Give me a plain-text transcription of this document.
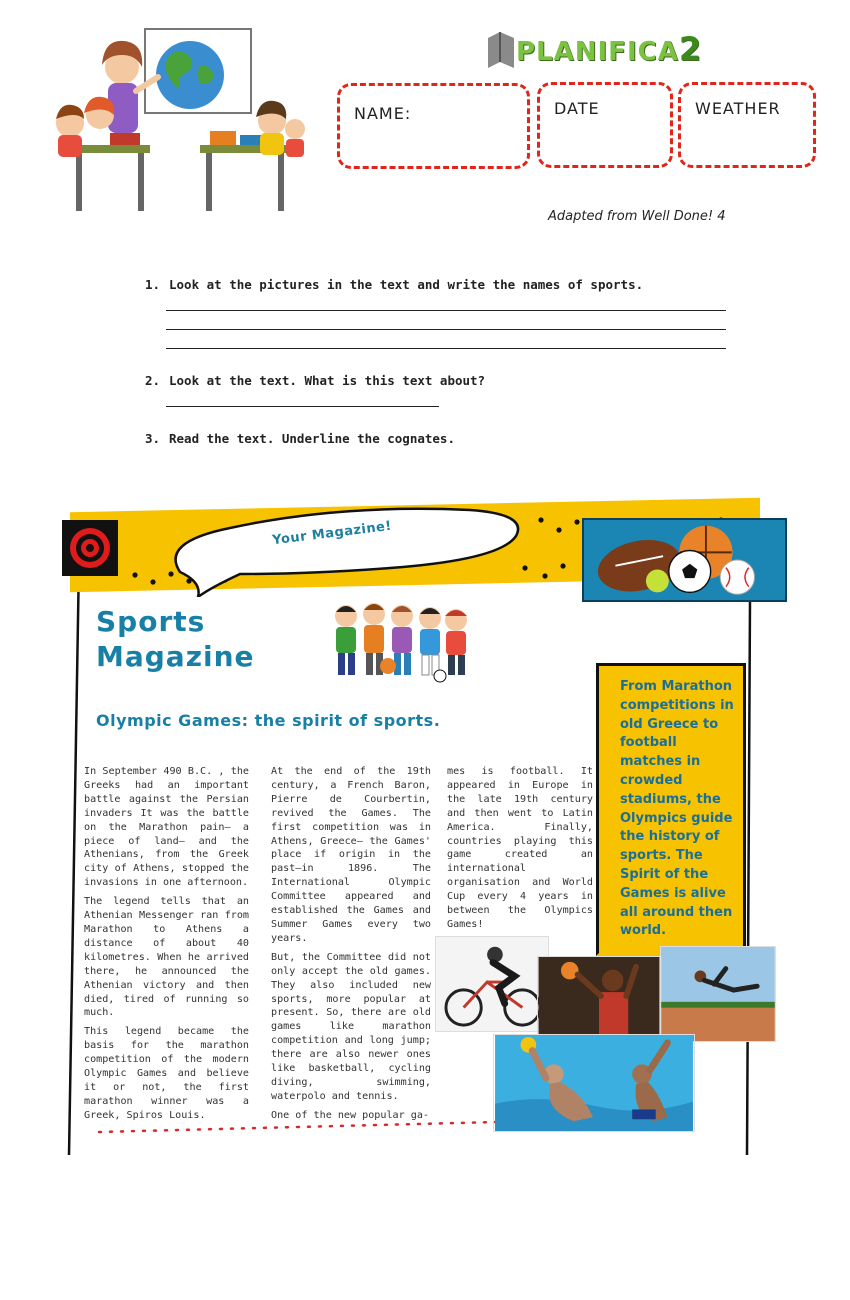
PLANIFICA2
NAME:	DATE	WEATHER
Adapted from Well Done! 4
1. Look at the pictures in the text and write the names of sports.
2. Look at the text. What is this text about?
3. Read the text. Underline the cognates.
Your Magazine!
Sports
Magazine
Olympic Games: the spirit of sports.

In September 490 B.C. , the Greeks had an important battle against the Persian invaders It was the battle on the Marathon pain— a piece of land— and the Athenians, from the Greek city of Athens, stopped the invasions in one afternoon.

The legend tells that an Athenian Messenger ran from Marathon to Athens a distance of about 40 kilometres. When he arrived there, he announced the Athenian victory and then died, tired of running so much.

This legend became the basis for the marathon competition of the modern Olympic Games and believe it or not, the first marathon winner was a Greek, Spiros Louis.

At the end of the 19th century, a French Baron, Pierre de Courbertin, revived the Games. The first competition was in Athens, Greece— the Games' place if origin in the past—in 1896. The International Olympic Committee appeared and established the Games and Summer Games every two years.

But, the Committee did not only accept the old games. They also included new sports, more popular at present. So, there are old games like marathon competition and long jump; there are also newer ones like basketball, cycling diving, swimming, waterpolo and tennis.

One of the new popular ga-

mes is football. It appeared in Europe in the late 19th century and then went to Latin America. Finally, countries playing this game created an international organisation and World Cup every 4 years in between the Olympics Games!

From Marathon competitions in old Greece to football matches in crowded stadiums, the Olympics guide the history of sports. The Spirit of the Games is alive all around then world.
